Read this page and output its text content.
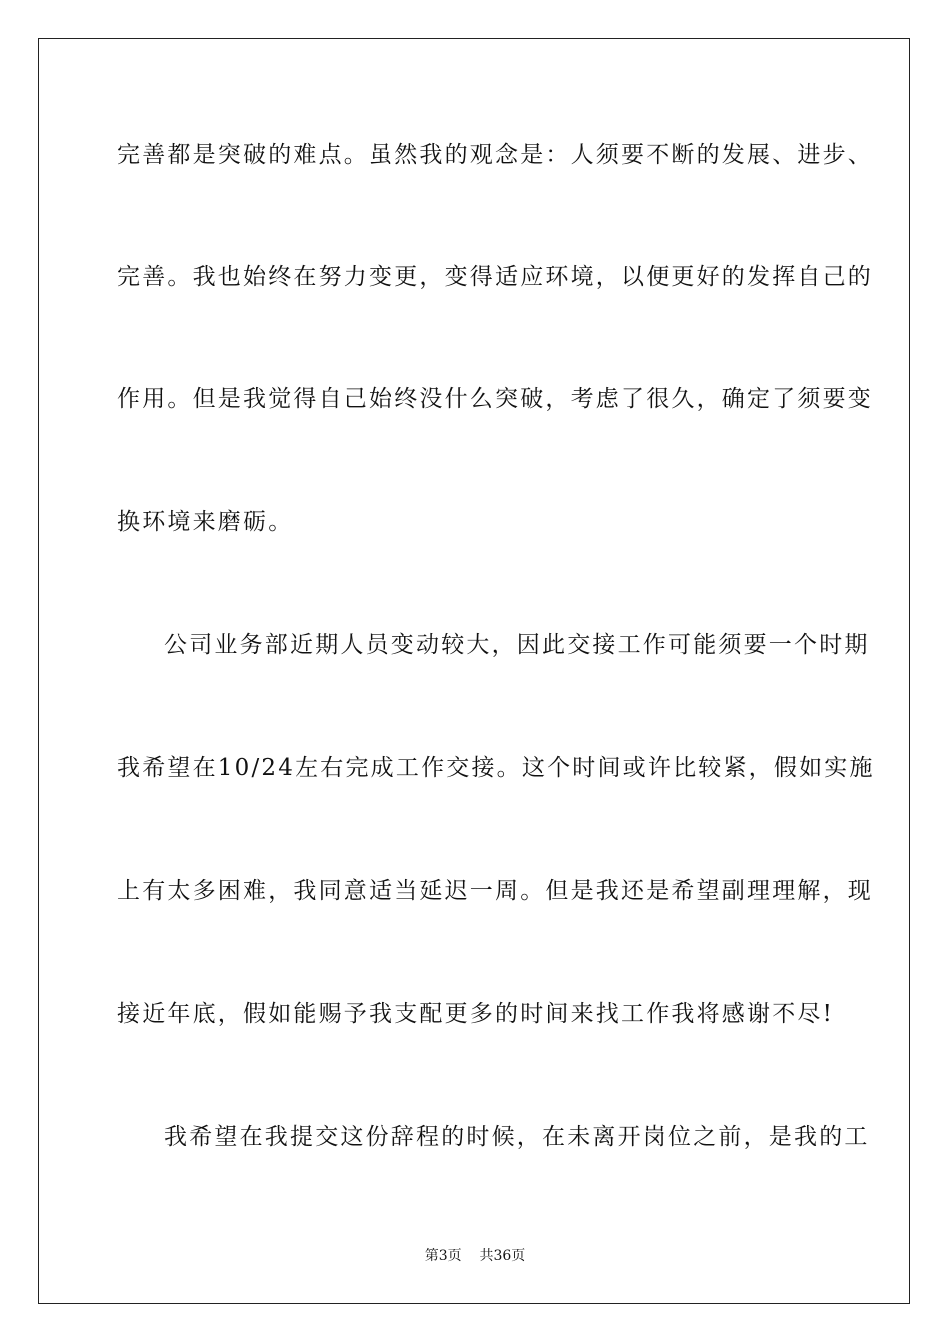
完善都是突破的难点。虽然我的观念是：人须要不断的发展、进步、
完善。我也始终在努力变更，变得适应环境，以便更好的发挥自己的
作用。但是我觉得自己始终没什么突破，考虑了很久，确定了须要变
换环境来磨砺。
公司业务部近期人员变动较大，因此交接工作可能须要一个时期
我希望在10/24左右完成工作交接。这个时间或许比较紧，假如实施
上有太多困难，我同意适当延迟一周。但是我还是希望副理理解，现
接近年底，假如能赐予我支配更多的时间来找工作我将感谢不尽!
我希望在我提交这份辞程的时候，在未离开岗位之前，是我的工
第3页 共36页
